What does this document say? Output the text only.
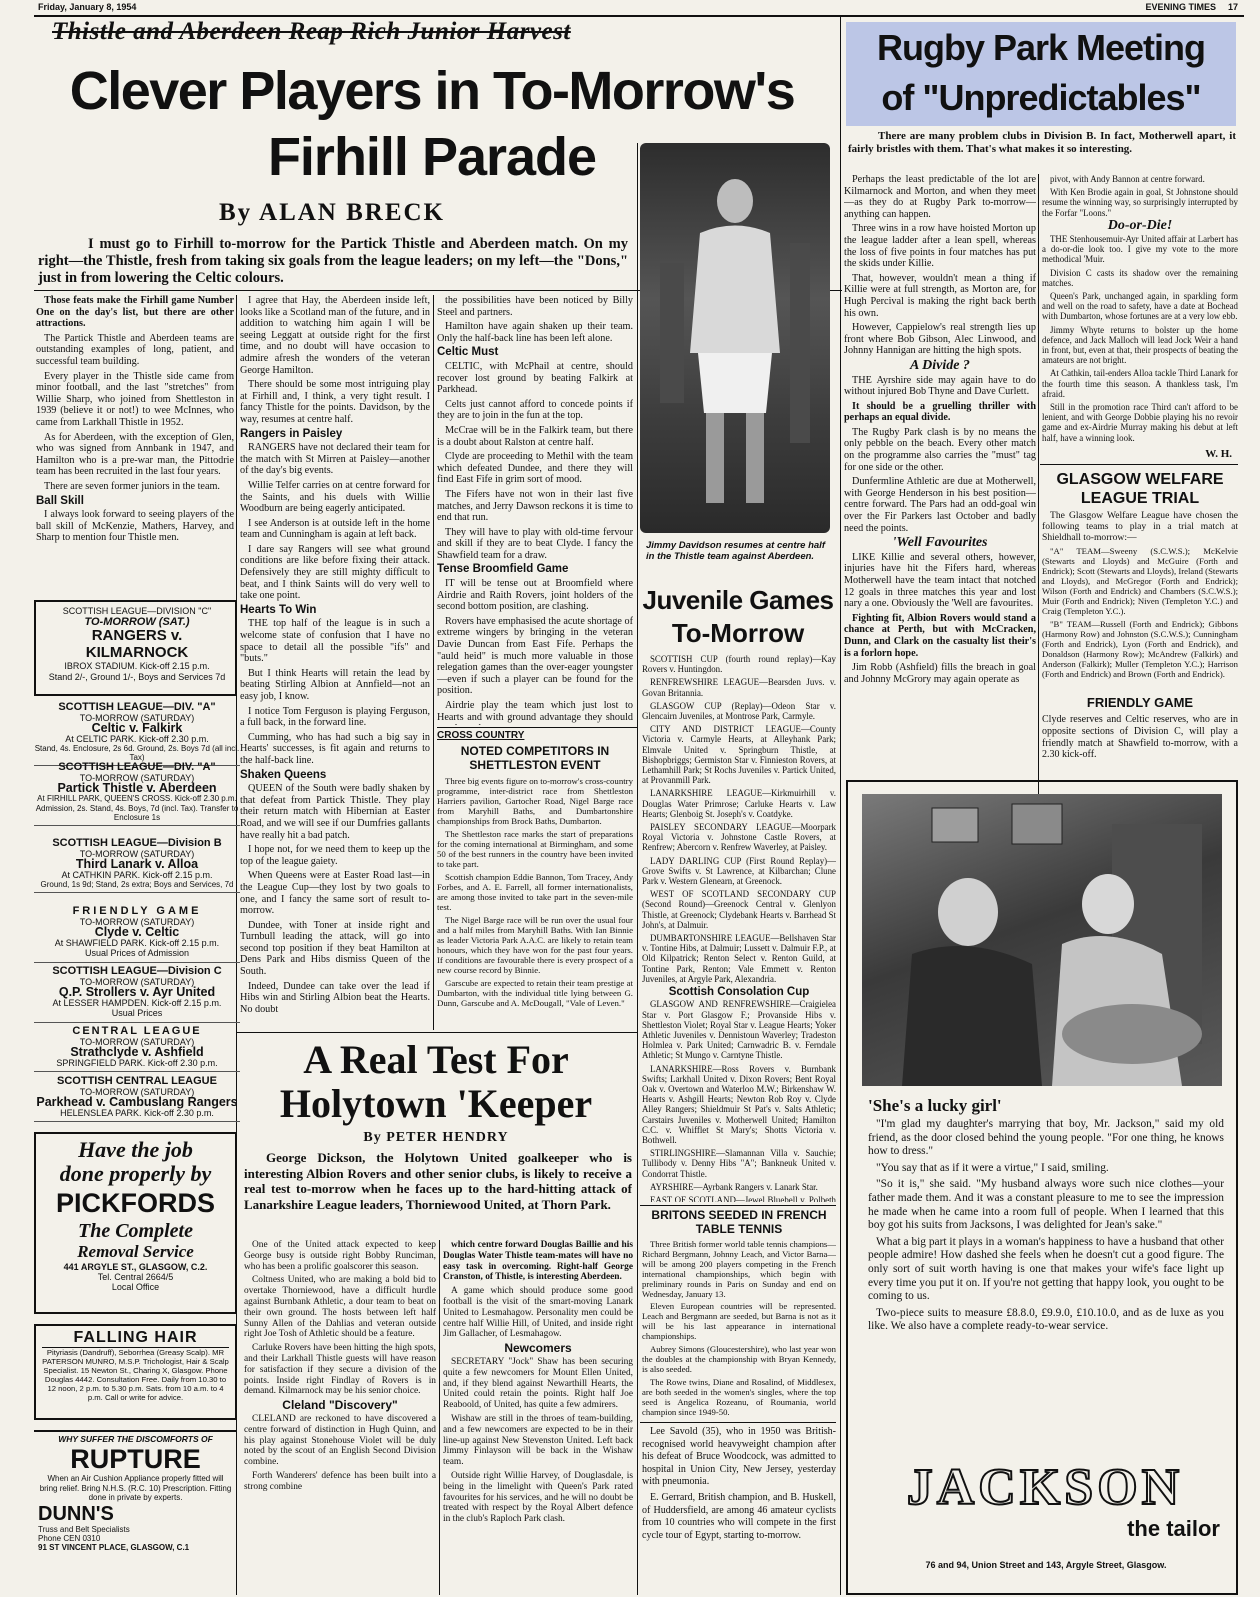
Friday, January 8, 1954	EVENING TIMES 17
Thistle and Aberdeen Reap Rich Junior Harvest
Clever Players in To-Morrow's
Firhill Parade
By ALAN BRECK
I must go to Firhill to-morrow for the Partick Thistle and Aberdeen match. On my right—the Thistle, fresh from taking six goals from the league leaders; on my left—the "Dons," just in from lowering the Celtic colours.

Those feats make the Firhill game Number One on the day's list, but there are other attractions.

The Partick Thistle and Aberdeen teams are outstanding examples of long, patient, and successful team building.

Every player in the Thistle side came from minor football, and the last "stretches" from Willie Sharp, who joined from Shettleston in 1939 (believe it or not!) to wee McInnes, who came from Larkhall Thistle in 1952.

As for Aberdeen, with the exception of Glen, who was signed from Annbank in 1947, and Hamilton who is a pre-war man, the Pittodrie team has been recruited in the last four years.

There are seven former juniors in the team.

Ball Skill

I always look forward to seeing players of the ball skill of McKenzie, Mathers, Harvey, and Sharp to mention four Thistle men.

SCOTTISH LEAGUE—DIVISION "C"
TO-MORROW (SAT.)
RANGERS v. KILMARNOCK
IBROX STADIUM. Kick-off 2.15 p.m.
Stand 2/-, Ground 1/-, Boys and Services 7d
SCOTTISH LEAGUE—DIV. "A"
TO-MORROW (SATURDAY)
Celtic v. Falkirk
At CELTIC PARK. Kick-off 2.30 p.m.
Stand, 4s. Enclosure, 2s 6d. Ground, 2s. Boys 7d (all incl. Tax)
SCOTTISH LEAGUE—DIV. "A"
TO-MORROW (SATURDAY)
Partick Thistle v. Aberdeen
At FIRHILL PARK, QUEEN'S CROSS. Kick-off 2.30 p.m.
Admission, 2s. Stand, 4s. Boys, 7d (incl. Tax). Transfer to Enclosure 1s
SCOTTISH LEAGUE—Division B
TO-MORROW (SATURDAY)
Third Lanark v. Alloa
At CATHKIN PARK. Kick-off 2.15 p.m.
Ground, 1s 9d; Stand, 2s extra; Boys and Services, 7d
FRIENDLY GAME
TO-MORROW (SATURDAY)
Clyde v. Celtic
At SHAWFIELD PARK. Kick-off 2.15 p.m.
Usual Prices of Admission
SCOTTISH LEAGUE—Division C
TO-MORROW (SATURDAY)
Q.P. Strollers v. Ayr United
At LESSER HAMPDEN. Kick-off 2.15 p.m.
Usual Prices
CENTRAL LEAGUE
TO-MORROW (SATURDAY)
Strathclyde v. Ashfield
SPRINGFIELD PARK. Kick-off 2.30 p.m.
SCOTTISH CENTRAL LEAGUE
TO-MORROW (SATURDAY)
Parkhead v. Cambuslang Rangers
HELENSLEA PARK. Kick-off 2.30 p.m.
Have the job
done properly by
PICKFORDS
The Complete
Removal Service
441 ARGYLE ST., GLASGOW, C.2.
Tel. Central 2664/5
Local Office
FALLING HAIR
Pityriasis (Dandruff), Seborrhea (Greasy Scalp). MR PATERSON MUNRO, M.S.P. Trichologist, Hair & Scalp Specialist. 15 Newton St., Charing X, Glasgow. Phone Douglas 4442. Consultation Free. Daily from 10.30 to 12 noon, 2 p.m. to 5.30 p.m. Sats. from 10 a.m. to 4 p.m. Call or write for advice.
WHY SUFFER THE DISCOMFORTS OF
RUPTURE
When an Air Cushion Appliance properly fitted will bring relief. Bring N.H.S. (R.C. 10) Prescription. Fitting done in private by experts.
DUNN'S
Truss and Belt Specialists
Phone CEN 0310
91 ST VINCENT PLACE, GLASGOW, C.1

I agree that Hay, the Aberdeen inside left, looks like a Scotland man of the future, and in addition to watching him again I will be seeing Leggatt at outside right for the first time, and no doubt will have occasion to admire afresh the wonders of the veteran George Hamilton.

There should be some most intriguing play at Firhill and, I think, a very tight result. I fancy Thistle for the points. Davidson, by the way, resumes at centre half.

Rangers in Paisley

RANGERS have not declared their team for the match with St Mirren at Paisley—another of the day's big events.

Willie Telfer carries on at centre forward for the Saints, and his duels with Willie Woodburn are being eagerly anticipated.

I see Anderson is at outside left in the home team and Cunningham is again at left back.

I dare say Rangers will see what ground conditions are like before fixing their attack. Defensively they are still mighty difficult to beat, and I think Saints will do very well to take one point.

Hearts To Win

THE top half of the league is in such a welcome state of confusion that I have no space to detail all the possible "ifs" and "buts."

But I think Hearts will retain the lead by beating Stirling Albion at Annfield—not an easy job, I know.

I notice Tom Ferguson is playing Ferguson, a full back, in the forward line.

Cumming, who has had such a big say in Hearts' successes, is fit again and returns to the half-back line.

Shaken Queens

QUEEN of the South were badly shaken by that defeat from Partick Thistle. They play their return match with Hibernian at Easter Road, and we will see if our Dumfries gallants have really hit a bad patch.

I hope not, for we need them to keep up the top of the league gaiety.

When Queens were at Easter Road last—in the League Cup—they lost by two goals to one, and I fancy the same sort of result to-morrow.

Dundee, with Toner at inside right and Turnbull leading the attack, will go into second top position if they beat Hamilton at Dens Park and Hibs dismiss Queen of the South.

Indeed, Dundee can take over the lead if Hibs win and Stirling Albion beat the Hearts. No doubt

the possibilities have been noticed by Billy Steel and partners.

Hamilton have again shaken up their team. Only the half-back line has been left alone.

Celtic Must

CELTIC, with McPhail at centre, should recover lost ground by beating Falkirk at Parkhead.

Celts just cannot afford to concede points if they are to join in the fun at the top.

McCrae will be in the Falkirk team, but there is a doubt about Ralston at centre half.

Clyde are proceeding to Methil with the team which defeated Dundee, and there they will find East Fife in grim sort of mood.

The Fifers have not won in their last five matches, and Jerry Dawson reckons it is time to end that run.

They will have to play with old-time fervour and skill if they are to beat Clyde. I fancy the Shawfield team for a draw.

Tense Broomfield Game

IT will be tense out at Broomfield where Airdrie and Raith Rovers, joint holders of the second bottom position, are clashing.

Rovers have emphasised the acute shortage of extreme wingers by bringing in the veteran Davie Duncan from East Fife. Perhaps the "auld heid" is much more valuable in those relegation games than the over-eager youngster—even if such a player can be found for the position.

Airdrie play the team which just lost to Hearts and with ground advantage they should

Jimmy Davidson resumes at centre half in the Thistle team against Aberdeen.
Juvenile Games
To-Morrow

SCOTTISH CUP (fourth round replay)—Kay Rovers v. Huntingdon.

RENFREWSHIRE LEAGUE—Bearsden Juvs. v. Govan Britannia.

GLASGOW CUP (Replay)—Odeon Star v. Glencairn Juveniles, at Montrose Park, Carmyle.

CITY AND DISTRICT LEAGUE—County Victoria v. Carmyle Hearts, at Alleyhank Park; Elmvale United v. Springburn Thistle, at Bishopbriggs; Germiston Star v. Finnieston Rovers, at Lethamhill Park; St Rochs Juveniles v. Partick United, at Provanmill Park.

LANARKSHIRE LEAGUE—Kirkmuirhill v. Douglas Water Primrose; Carluke Hearts v. Law Hearts; Glenboig St. Joseph's v. Coatdyke.

PAISLEY SECONDARY LEAGUE—Moorpark Royal Victoria v. Johnstone Castle Rovers, at Renfrew; Abercorn v. Renfrew Waverley, at Paisley.

LADY DARLING CUP (First Round Replay)—Grove Swifts v. St Lawrence, at Kilbarchan; Clune Park v. Western Glenearn, at Greenock.

WEST OF SCOTLAND SECONDARY CUP (Second Round)—Greenock Central v. Glenlyon Thistle, at Greenock; Clydebank Hearts v. Barrhead St John's, at Dalmuir.

DUMBARTONSHIRE LEAGUE—Bellshaven Star v. Tontine Hibs, at Dalmuir; Lussett v. Dalmuir F.P., at Old Kilpatrick; Renton Select v. Renton Guild, at Tontine Park, Renton; Vale Emmett v. Renton Juveniles, at Argyle Park, Alexandria.

Scottish Consolation Cup

GLASGOW AND RENFREWSHIRE—Craigielea Star v. Port Glasgow F.; Provanside Hibs v. Shettleston Violet; Royal Star v. League Hearts; Yoker Athletic Juveniles v. Dennistoun Waverley; Tradeston Holmlea v. Park United; Carnwadric B. v. Ferndale Athletic; St Mungo v. Carntyne Thistle.

LANARKSHIRE—Ross Rovers v. Burnbank Swifts; Larkhall United v. Dixon Rovers; Bent Royal Oak v. Overtown and Waterloo M.W.; Birkenshaw W. Hearts v. Ashgill Hearts; Newton Rob Roy v. Clyde Alley Rangers; Shieldmuir St Pat's v. Salts Athletic; Carstairs Juveniles v. Motherwell United; Hamilton C.C. v. Whifflet St Mary's; Shotts Victoria v. Bothwell.

STIRLINGSHIRE—Slamannan Villa v. Sauchie; Tullibody v. Denny Hibs "A"; Bankneuk United v. Condorrat Thistle.

AYRSHIRE—Ayrbank Rangers v. Lanark Star.

EAST OF SCOTLAND—Jewel Bluebell v. Polbeth

CROSS COUNTRY
NOTED COMPETITORS IN SHETTLESTON EVENT

Three big events figure on to-morrow's cross-country programme, inter-district race from Shettleston Harriers pavilion, Gartocher Road, Nigel Barge race from Maryhill Baths, and Dumbartonshire championships from Brock Baths, Dumbarton.

The Shettleston race marks the start of preparations for the coming international at Birmingham, and some 50 of the best runners in the country have been invited to take part.

Scottish champion Eddie Bannon, Tom Tracey, Andy Forbes, and A. E. Farrell, all former internationalists, are among those invited to take part in the seven-mile test.

The Nigel Barge race will be run over the usual four and a half miles from Maryhill Baths. With Ian Binnie as leader Victoria Park A.A.C. are likely to retain team honours, which they have won for the past four years. If conditions are favourable there is every prospect of a new course record by Binnie.

Garscube are expected to retain their team prestige at Dumbarton, with the individual title lying between G. Dunn, Garscube and A. McDougall, "Vale of Leven."

A Real Test For
Holytown 'Keeper
By PETER HENDRY
George Dickson, the Holytown United goalkeeper who is interesting Albion Rovers and other senior clubs, is likely to receive a real test to-morrow when he faces up to the hard-hitting attack of Lanarkshire League leaders, Thorniewood United, at Thorn Park.

One of the United attack expected to keep George busy is outside right Bobby Runciman, who has been a prolific goalscorer this season.

Coltness United, who are making a bold bid to overtake Thorniewood, have a difficult hurdle against Burnbank Athletic, a dour team to beat on their own ground. The hosts between left half Sunny Allen of the Dahlias and veteran outside right Joe Tosh of Athletic should be a feature.

Carluke Rovers have been hitting the high spots, and their Larkhall Thistle guests will have reason for satisfaction if they secure a division of the points. Inside right Findlay of Rovers is in demand. Kilmarnock may be his senior choice.

Cleland "Discovery"

CLELAND are reckoned to have discovered a centre forward of distinction in Hugh Quinn, and his play against Stonehouse Violet will be duly noted by the scout of an English Second Division combine.

Forth Wanderers' defence has been built into a strong combine

which centre forward Douglas Baillie and his Douglas Water Thistle team-mates will have no easy task in overcoming. Right-half George Cranston, of Thistle, is interesting Aberdeen.

A game which should produce some good football is the visit of the smart-moving Lanark United to Lesmahagow. Personality men could be centre half Willie Hill, of United, and inside right Jim Gallacher, of Lesmahagow.

Newcomers

SECRETARY "Jock" Shaw has been securing quite a few newcomers for Mount Ellen United, and, if they blend against Newarthill Hearts, the United could retain the points. Right half Joe Reaboold, of United, has quite a few admirers.

Wishaw are still in the throes of team-building, and a few newcomers are expected to be in their line-up against New Stevenston United. Left back Jimmy Finlayson will be back in the Wishaw team.

Outside right Willie Harvey, of Douglasdale, is being in the limelight with Queen's Park rated favourites for his services, and he will no doubt be treated with respect by the Royal Albert defence in the club's Raploch Park clash.

BRITONS SEEDED IN FRENCH TABLE TENNIS

Three British former world table tennis champions—Richard Bergmann, Johnny Leach, and Victor Barna—will be among 200 players competing in the French international championships, which begin with preliminary rounds in Paris on Sunday and end on Wednesday, January 13.

Eleven European countries will be represented. Leach and Bergmann are seeded, but Barna is not as it will be his last appearance in international championships.

Aubrey Simons (Gloucestershire), who last year won the doubles at the championship with Bryan Kennedy, is also seeded.

The Rowe twins, Diane and Rosalind, of Middlesex, are both seeded in the women's singles, where the top seed is Angelica Rozeanu, of Roumania, world champion since 1949-50.

Lee Savold (35), who in 1950 was British-recognised world heavyweight champion after his defeat of Bruce Woodcock, was admitted to hospital in Union City, New Jersey, yesterday with pneumonia.

E. Gerrard, British champion, and B. Huskell, of Huddersfield, are among 46 amateur cyclists from 10 countries who will compete in the first cycle tour of Egypt, starting to-morrow.

Rugby Park Meeting
of "Unpredictables"
There are many problem clubs in Division B. In fact, Motherwell apart, it fairly bristles with them. That's what makes it so interesting.

Perhaps the least predictable of the lot are Kilmarnock and Morton, and when they meet—as they do at Rugby Park to-morrow—anything can happen.

Three wins in a row have hoisted Morton up the league ladder after a lean spell, whereas the loss of five points in four matches has put the skids under Killie.

That, however, wouldn't mean a thing if Killie were at full strength, as Morton are, for Hugh Percival is making the right back berth his own.

However, Cappielow's real strength lies up front where Bob Gibson, Alec Linwood, and Johnny Hannigan are hitting the high spots.

A Divide ?

THE Ayrshire side may again have to do without injured Bob Thyne and Dave Curlett.

It should be a gruelling thriller with perhaps an equal divide.

The Rugby Park clash is by no means the only pebble on the beach. Every other match on the programme also carries the "must" tag for one side or the other.

Dunfermline Athletic are due at Motherwell, with George Henderson in his best position—centre forward. The Pars had an odd-goal win over the Fir Parkers last October and badly need the points.

'Well Favourites

LIKE Killie and several others, however, injuries have hit the Fifers hard, whereas Motherwell have the team intact that notched 12 goals in three matches this year and lost nary a one. Obviously the 'Well are favourites.

Fighting fit, Albion Rovers would stand a chance at Perth, but with McCracken, Dunn, and Clark on the casualty list their's is a forlorn hope.

Jim Robb (Ashfield) fills the breach in goal and Johnny McGrory may again operate as

pivot, with Andy Bannon at centre forward.

With Ken Brodie again in goal, St Johnstone should resume the winning way, so surprisingly interrupted by the Forfar "Loons."

Do-or-Die!

THE Stenhousemuir-Ayr United affair at Larbert has a do-or-die look too. I give my vote to the more methodical 'Muir.

Division C casts its shadow over the remaining matches.

Queen's Park, unchanged again, in sparkling form and well on the road to safety, have a date at Bochead with Dumbarton, whose fortunes are at a very low ebb.

Jimmy Whyte returns to bolster up the home defence, and Jack Malloch will lead Jock Weir a hand in front, but, even at that, their prospects of beating the amateurs are not bright.

At Cathkin, tail-enders Alloa tackle Third Lanark for the fourth time this season. A thankless task, I'm afraid.

Still in the promotion race Third can't afford to be lenient, and with George Dobbie playing his no revoir game and ex-Airdrie Murray making his debut at left half, have a winning look.

W. H.
GLASGOW WELFARE LEAGUE TRIAL

The Glasgow Welfare League have chosen the following teams to play in a trial match at Shieldhall to-morrow:—

"A" TEAM—Sweeny (S.C.W.S.); McKelvie (Stewarts and Lloyds) and McGuire (Forth and Endrick); Scott (Stewarts and Lloyds), Ireland (Stewarts and Lloyds), and McGregor (Forth and Endrick); Wilson (Forth and Endrick) and Chambers (S.C.W.S.); Muir (Forth and Endrick); Niven (Templeton Y.C.) and Craig (Templeton Y.C.).

"B" TEAM—Russell (Forth and Endrick); Gibbons (Harmony Row) and Johnston (S.C.W.S.); Cunningham (Forth and Endrick), Lyon (Forth and Endrick), and Donaldson (Harmony Row); McAndrew (Falkirk) and Anderson (Falkirk); Muller (Templeton Y.C.); Harrison (Forth and Endrick) and Brown (Forth and Endrick).

FRIENDLY GAME
Clyde reserves and Celtic reserves, who are in opposite sections of Division C, will play a friendly match at Shawfield to-morrow, with a 2.30 kick-off.
'She's a lucky girl'

"I'm glad my daughter's marrying that boy, Mr. Jackson," said my old friend, as the door closed behind the young people. "For one thing, he knows how to dress."

"You say that as if it were a virtue," I said, smiling.

"So it is," she said. "My husband always wore such nice clothes—your father made them. And it was a constant pleasure to me to see the impression he made when he came into a room full of people. When I learned that this boy got his suits from Jacksons, I was delighted for Jean's sake."

What a big part it plays in a woman's happiness to have a husband that other people admire! How dashed she feels when he doesn't cut a good figure. The only sort of suit worth having is one that makes your wife's face light up every time you put it on. If you're not getting that happy look, you ought to be coming to us.

Two-piece suits to measure £8.8.0, £9.9.0, £10.10.0, and as de luxe as you like. We also have a complete ready-to-wear service.

JACKSON
the tailor
76 and 94, Union Street and 143, Argyle Street, Glasgow.
